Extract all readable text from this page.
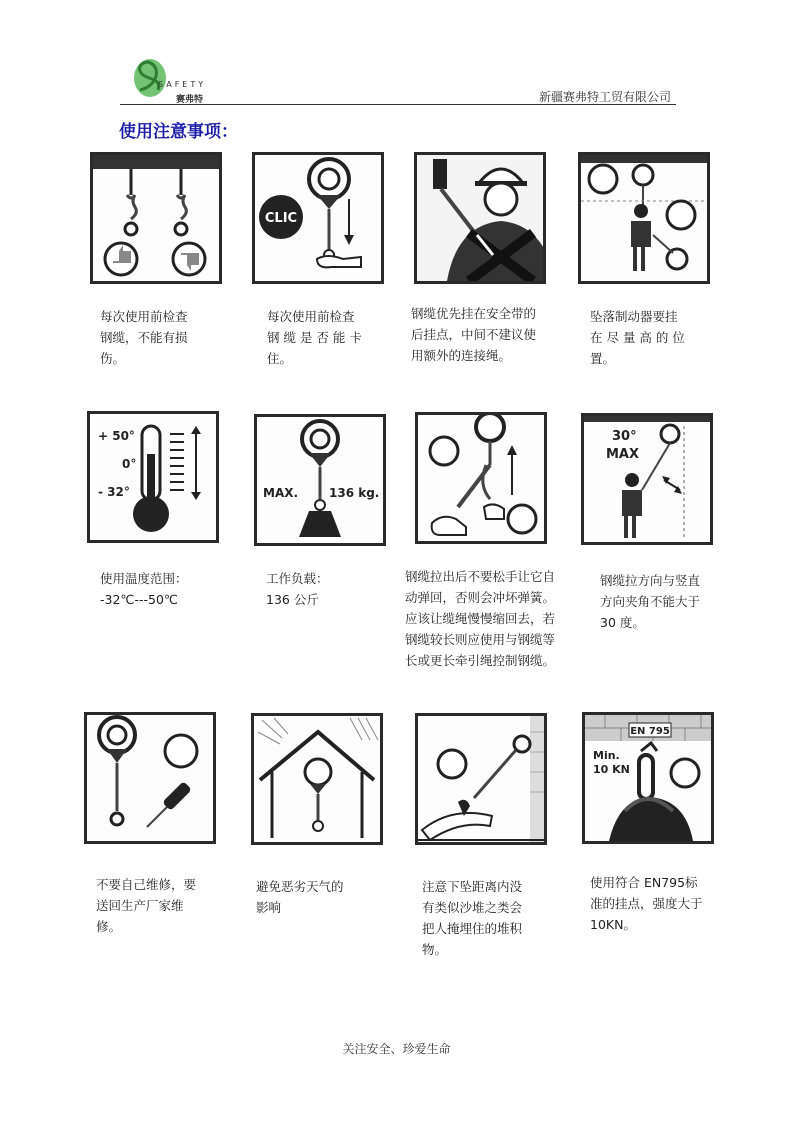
SAFETY
赛弗特	新疆赛弗特工贸有限公司
使用注意事项：
每次使用前检查
钢缆，不能有损
伤。
CLIC
每次使用前检查
钢 缆 是 否 能 卡
住。
钢缆优先挂在安全带的
后挂点，中间不建议使
用额外的连接绳。
坠落制动器要挂
在 尽 量 高 的 位
置。
+ 50°
0°
- 32°
使用温度范围：
-32℃---50℃
MAX.	136 kg.
工作负载：
136 公斤
钢缆拉出后不要松手让它自
动弹回，否则会冲坏弹簧。
应该让缆绳慢慢缩回去，若
钢缆较长则应使用与钢缆等
长或更长牵引绳控制钢缆。
30°
MAX
钢缆拉方向与竖直
方向夹角不能大于
30 度。
不要自己维修，要
送回生产厂家维
修。
避免恶劣天气的
影响
注意下坠距离内没
有类似沙堆之类会
把人掩埋住的堆积
物。
EN 795
Min.
10 KN
使用符合 EN795标
准的挂点，强度大于
10KN。
关注安全、珍爱生命
